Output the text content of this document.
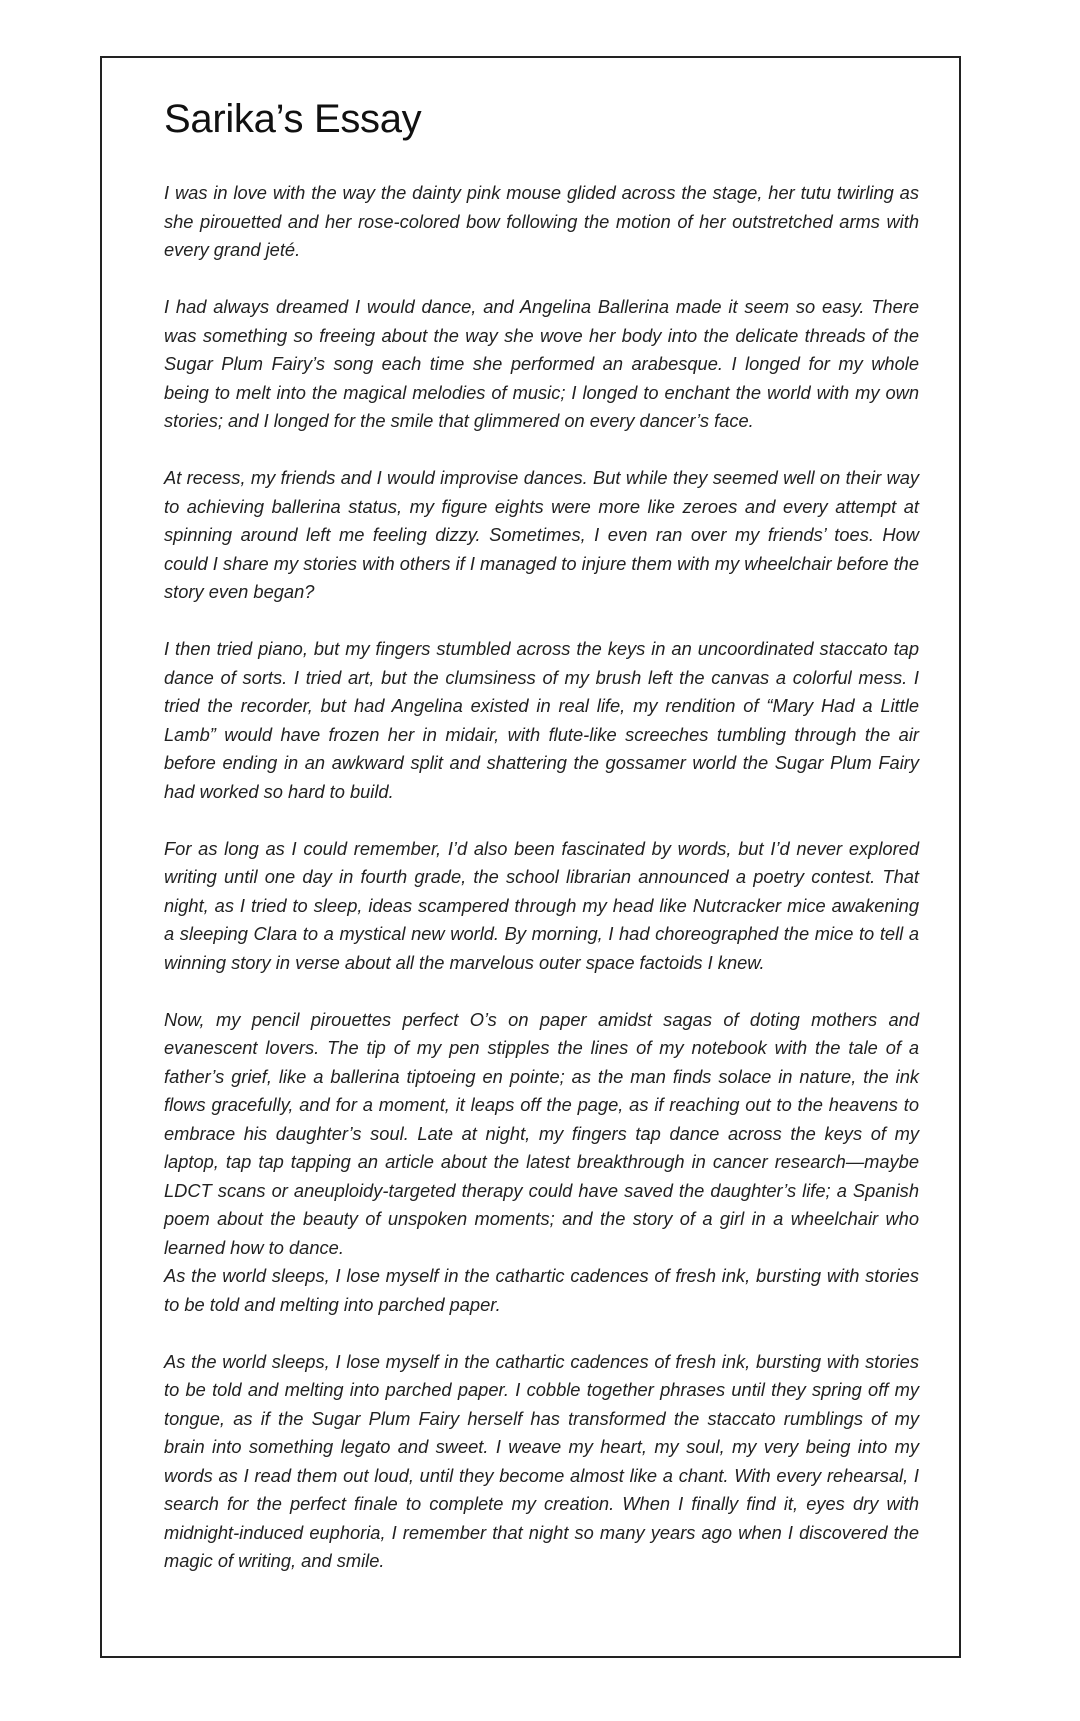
Sarika’s Essay

I was in love with the way the dainty pink mouse glided across the stage, her tutu twirling as she pirouetted and her rose-colored bow following the motion of her outstretched arms with every grand jeté.

I had always dreamed I would dance, and Angelina Ballerina made it seem so easy. There was something so freeing about the way she wove her body into the delicate threads of the Sugar Plum Fairy’s song each time she performed an arabesque. I longed for my whole being to melt into the magical melodies of music; I longed to enchant the world with my own stories; and I longed for the smile that glimmered on every dancer’s face.

At recess, my friends and I would improvise dances. But while they seemed well on their way to achieving ballerina status, my figure eights were more like zeroes and every attempt at spinning around left me feeling dizzy. Sometimes, I even ran over my friends’ toes. How could I share my stories with others if I managed to injure them with my wheelchair before the story even began?

I then tried piano, but my fingers stumbled across the keys in an uncoordinated staccato tap dance of sorts. I tried art, but the clumsiness of my brush left the canvas a colorful mess. I tried the recorder, but had Angelina existed in real life, my rendition of “Mary Had a Little Lamb” would have frozen her in midair, with flute-like screeches tumbling through the air before ending in an awkward split and shattering the gossamer world the Sugar Plum Fairy had worked so hard to build.

For as long as I could remember, I’d also been fascinated by words, but I’d never explored writing until one day in fourth grade, the school librarian announced a poetry contest. That night, as I tried to sleep, ideas scampered through my head like Nutcracker mice awakening a sleeping Clara to a mystical new world. By morning, I had choreographed the mice to tell a winning story in verse about all the marvelous outer space factoids I knew.

Now, my pencil pirouettes perfect O’s on paper amidst sagas of doting mothers and evanescent lovers. The tip of my pen stipples the lines of my notebook with the tale of a father’s grief, like a ballerina tiptoeing en pointe; as the man finds solace in nature, the ink flows gracefully, and for a moment, it leaps off the page, as if reaching out to the heavens to embrace his daughter’s soul. Late at night, my fingers tap dance across the keys of my laptop, tap tap tapping an article about the latest breakthrough in cancer research—maybe LDCT scans or aneuploidy-targeted therapy could have saved the daughter’s life; a Spanish poem about the beauty of unspoken moments; and the story of a girl in a wheelchair who learned how to dance.

As the world sleeps, I lose myself in the cathartic cadences of fresh ink, bursting with stories to be told and melting into parched paper.

As the world sleeps, I lose myself in the cathartic cadences of fresh ink, bursting with stories to be told and melting into parched paper. I cobble together phrases until they spring off my tongue, as if the Sugar Plum Fairy herself has transformed the staccato rumblings of my brain into something legato and sweet. I weave my heart, my soul, my very being into my words as I read them out loud, until they become almost like a chant. With every rehearsal, I search for the perfect finale to complete my creation. When I finally find it, eyes dry with midnight-induced euphoria, I remember that night so many years ago when I discovered the magic of writing, and smile.
